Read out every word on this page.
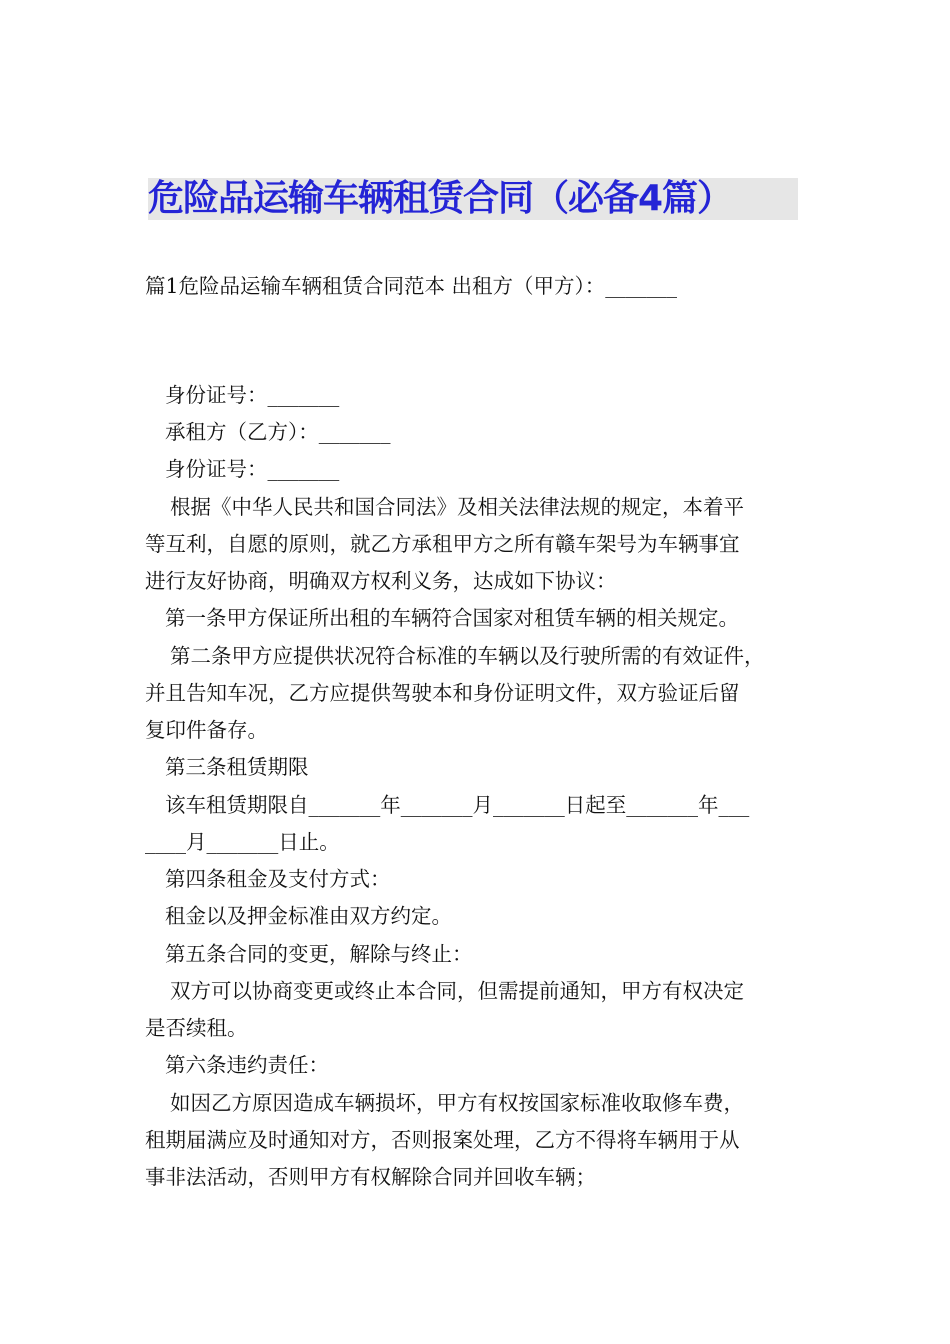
危险品运输车辆租赁合同（必备4篇）
篇1危险品运输车辆租赁合同范本 出租方（甲方）：_______
身份证号：_______
承租方（乙方）：_______
身份证号：_______
根据《中华人民共和国合同法》及相关法律法规的规定，本着平
等互利，自愿的原则，就乙方承租甲方之所有赣车架号为车辆事宜
进行友好协商，明确双方权利义务，达成如下协议：
第一条甲方保证所出租的车辆符合国家对租赁车辆的相关规定。
第二条甲方应提供状况符合标准的车辆以及行驶所需的有效证件，
并且告知车况，乙方应提供驾驶本和身份证明文件，双方验证后留
复印件备存。
第三条租赁期限
该车租赁期限自_______年_______月_______日起至_______年___
____月_______日止。
第四条租金及支付方式：
租金以及押金标准由双方约定。
第五条合同的变更，解除与终止：
双方可以协商变更或终止本合同，但需提前通知，甲方有权决定
是否续租。
第六条违约责任：
如因乙方原因造成车辆损坏，甲方有权按国家标准收取修车费，
租期届满应及时通知对方，否则报案处理，乙方不得将车辆用于从
事非法活动，否则甲方有权解除合同并回收车辆；
